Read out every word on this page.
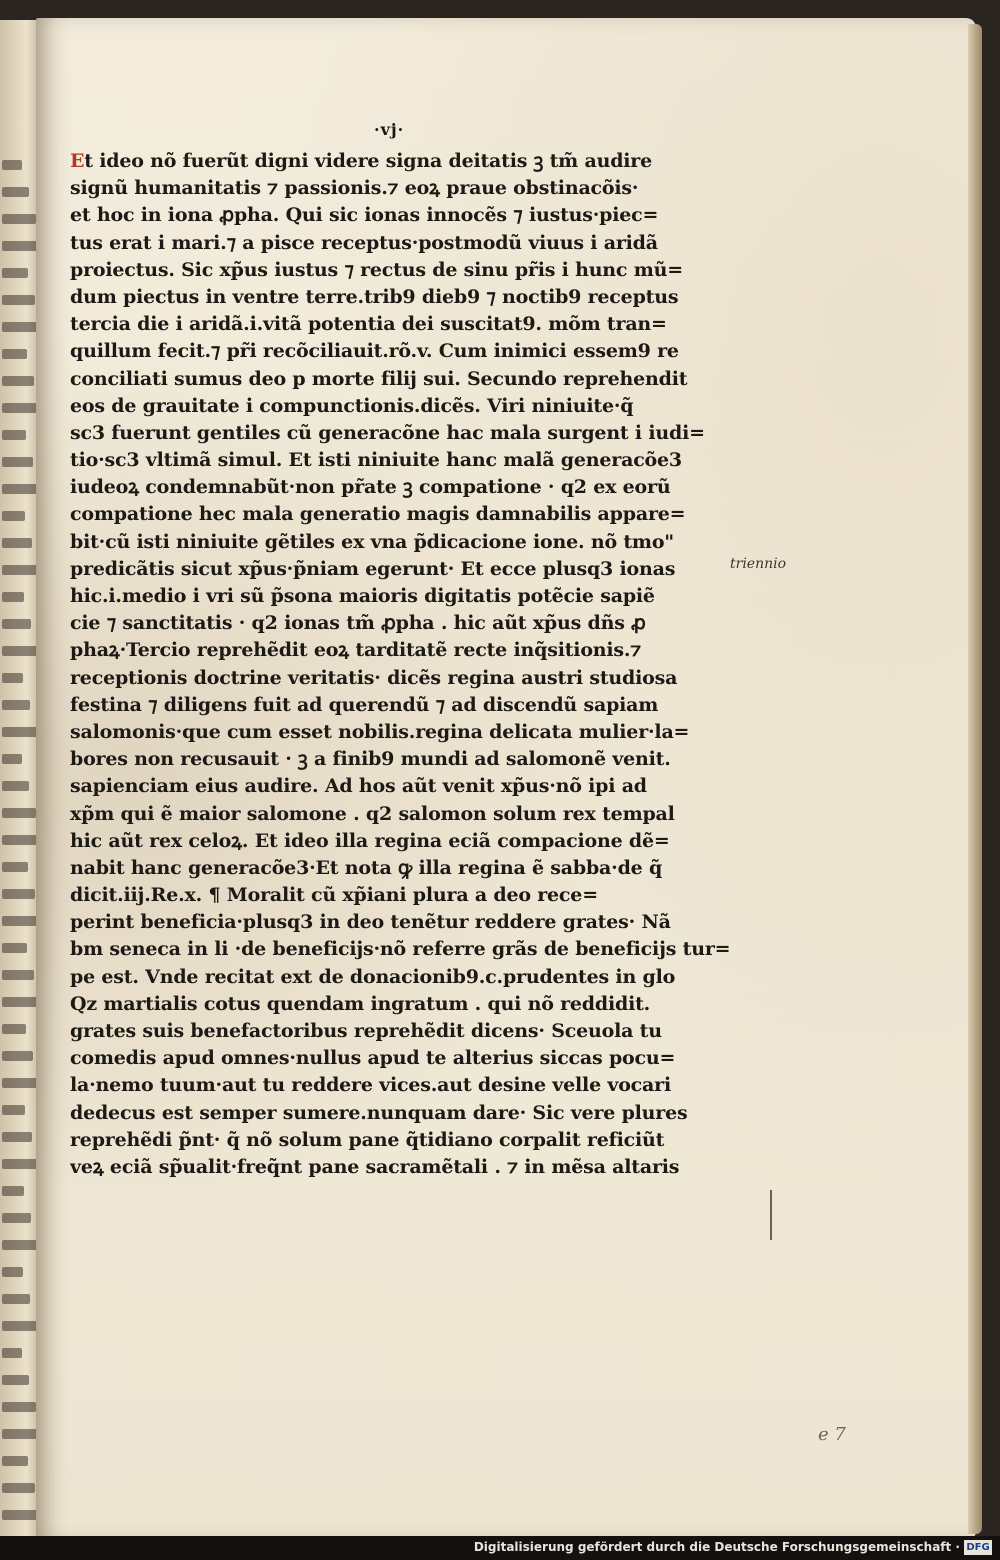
·vj·
Et ideo nõ fuerũt digni videre signa deitatis ꝫ tm̃ audire
signũ humanitatis ⁊ passionis.⁊ eoꝝ praue obstinacõis·
et hoc in iona ꝓpha. Qui sic ionas innocẽs ⁊ iustus·piec=
tus erat i mari.⁊ a pisce receptus·postmodũ viuus i aridã
proiectus. Sic xp̃us iustus ⁊ rectus de sinu pr̃is i hunc mũ=
dum piectus in ventre terre.trib9 dieb9 ⁊ noctib9 receptus
tercia die i aridã.i.vitã potentia dei suscitat9. mõm tran=
quillum fecit.⁊ pr̃i recõciliauit.rõ.v. Cum inimici essem9 re
conciliati sumus deo p morte filij sui. Secundo reprehendit
eos de grauitate i compunctionis.dicẽs. Viri niniuite·q̃
sc3 fuerunt gentiles cũ generacõne hac mala surgent i iudi=
tio·sc3 vltimã simul. Et isti niniuite hanc malã generacõe3
iudeoꝝ condemnabũt·non pr̃ate ꝫ compatione · q2 ex eorũ
compatione hec mala generatio magis damnabilis appare=
bit·cũ isti niniuite gẽtiles ex vna p̃dicacione ione. nõ tmo"
predicãtis sicut xp̃us·p̃niam egerunt· Et ecce plusq3 ionas
hic.i.medio i vri sũ p̃sona maioris digitatis potẽcie sapiẽ
cie ⁊ sanctitatis · q2 ionas tm̃ ꝓpha . hic aũt xp̃us dñs ꝓ
phaꝝ·Tercio reprehẽdit eoꝝ tarditatẽ recte inq̃sitionis.⁊
receptionis doctrine veritatis· dicẽs regina austri studiosa
festina ⁊ diligens fuit ad querendũ ⁊ ad discendũ sapiam
salomonis·que cum esset nobilis.regina delicata mulier·la=
bores non recusauit · ꝫ a finib9 mundi ad salomonẽ venit.
sapienciam eius audire. Ad hos aũt venit xp̃us·nõ ipi ad
xp̃m qui ẽ maior salomone . q2 salomon solum rex tempal
hic aũt rex celoꝝ. Et ideo illa regina eciã compacione dẽ=
nabit hanc generacõe3·Et nota ꝙ illa regina ẽ sabba·de q̃
dicit.iij.Re.x. ¶ Moralit cũ xp̃iani plura a deo rece=
perint beneficia·plusq3 in deo tenẽtur reddere grates· Nã
bm seneca in li ·de beneficijs·nõ referre grãs de beneficijs tur=
pe est. Vnde recitat ext de donacionib9.c.prudentes in glo
Qz martialis cotus quendam ingratum . qui nõ reddidit.
grates suis benefactoribus reprehẽdit dicens· Sceuola tu
comedis apud omnes·nullus apud te alterius siccas pocu=
la·nemo tuum·aut tu reddere vices.aut desine velle vocari
dedecus est semper sumere.nunquam dare· Sic vere plures
reprehẽdi p̃nt· q̃ nõ solum pane q̃tidiano corpalit reficiũt
veꝝ eciã sp̃ualit·freq̃nt pane sacramẽtali . ⁊ in mẽsa altaris
triennio
e 7
Digitalisierung gefördert durch die Deutsche Forschungsgemeinschaft · DFG
